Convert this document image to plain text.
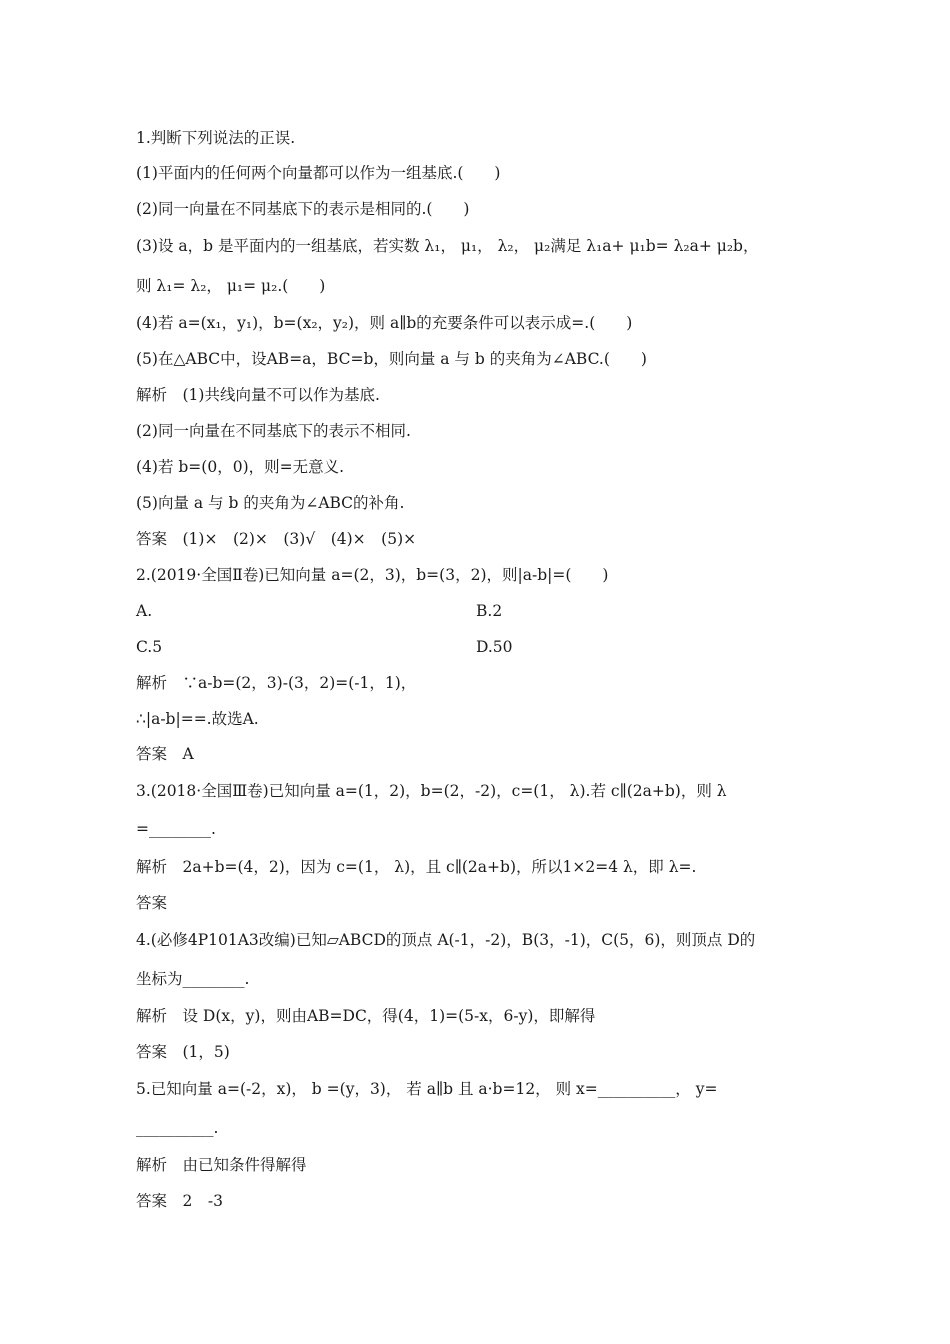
1.判断下列说法的正误.
(1)平面内的任何两个向量都可以作为一组基底.(　　)
(2)同一向量在不同基底下的表示是相同的.(　　)
(3)设 a，b 是平面内的一组基底，若实数 λ₁， μ₁， λ₂， μ₂满足 λ₁a+ μ₁b= λ₂a+ μ₂b，
则 λ₁= λ₂， μ₁= μ₂.(　　)
(4)若 a=(x₁，y₁)，b=(x₂，y₂)，则 a∥b的充要条件可以表示成=.(　　)
(5)在△ABC中，设AB=a，BC=b，则向量 a 与 b 的夹角为∠ABC.(　　)
解析　(1)共线向量不可以作为基底.
(2)同一向量在不同基底下的表示不相同.
(4)若 b=(0，0)，则=无意义.
(5)向量 a 与 b 的夹角为∠ABC的补角.
答案　(1)×　(2)×　(3)√　(4)×　(5)×
2.(2019·全国Ⅱ卷)已知向量 a=(2，3)，b=(3，2)，则|a-b|=(　　)
A.	B.2
C.5	D.50
解析　∵a-b=(2，3)-(3，2)=(-1，1)，
∴|a-b|==.故选A.
答案　A
3.(2018·全国Ⅲ卷)已知向量 a=(1，2)，b=(2，-2)，c=(1， λ).若 c∥(2a+b)，则 λ
=________.
解析　2a+b=(4，2)，因为 c=(1， λ)，且 c∥(2a+b)，所以1×2=4 λ，即 λ=.
答案
4.(必修4P101A3改编)已知▱ABCD的顶点 A(-1，-2)，B(3，-1)，C(5，6)，则顶点 D的
坐标为________.
解析　设 D(x，y)，则由AB=DC，得(4，1)=(5-x，6-y)，即解得
答案　(1，5)
5.已知向量 a=(-2，x)， b =(y，3)， 若 a∥b 且 a·b=12， 则 x=__________， y=
__________.
解析　由已知条件得解得
答案　2　-3
